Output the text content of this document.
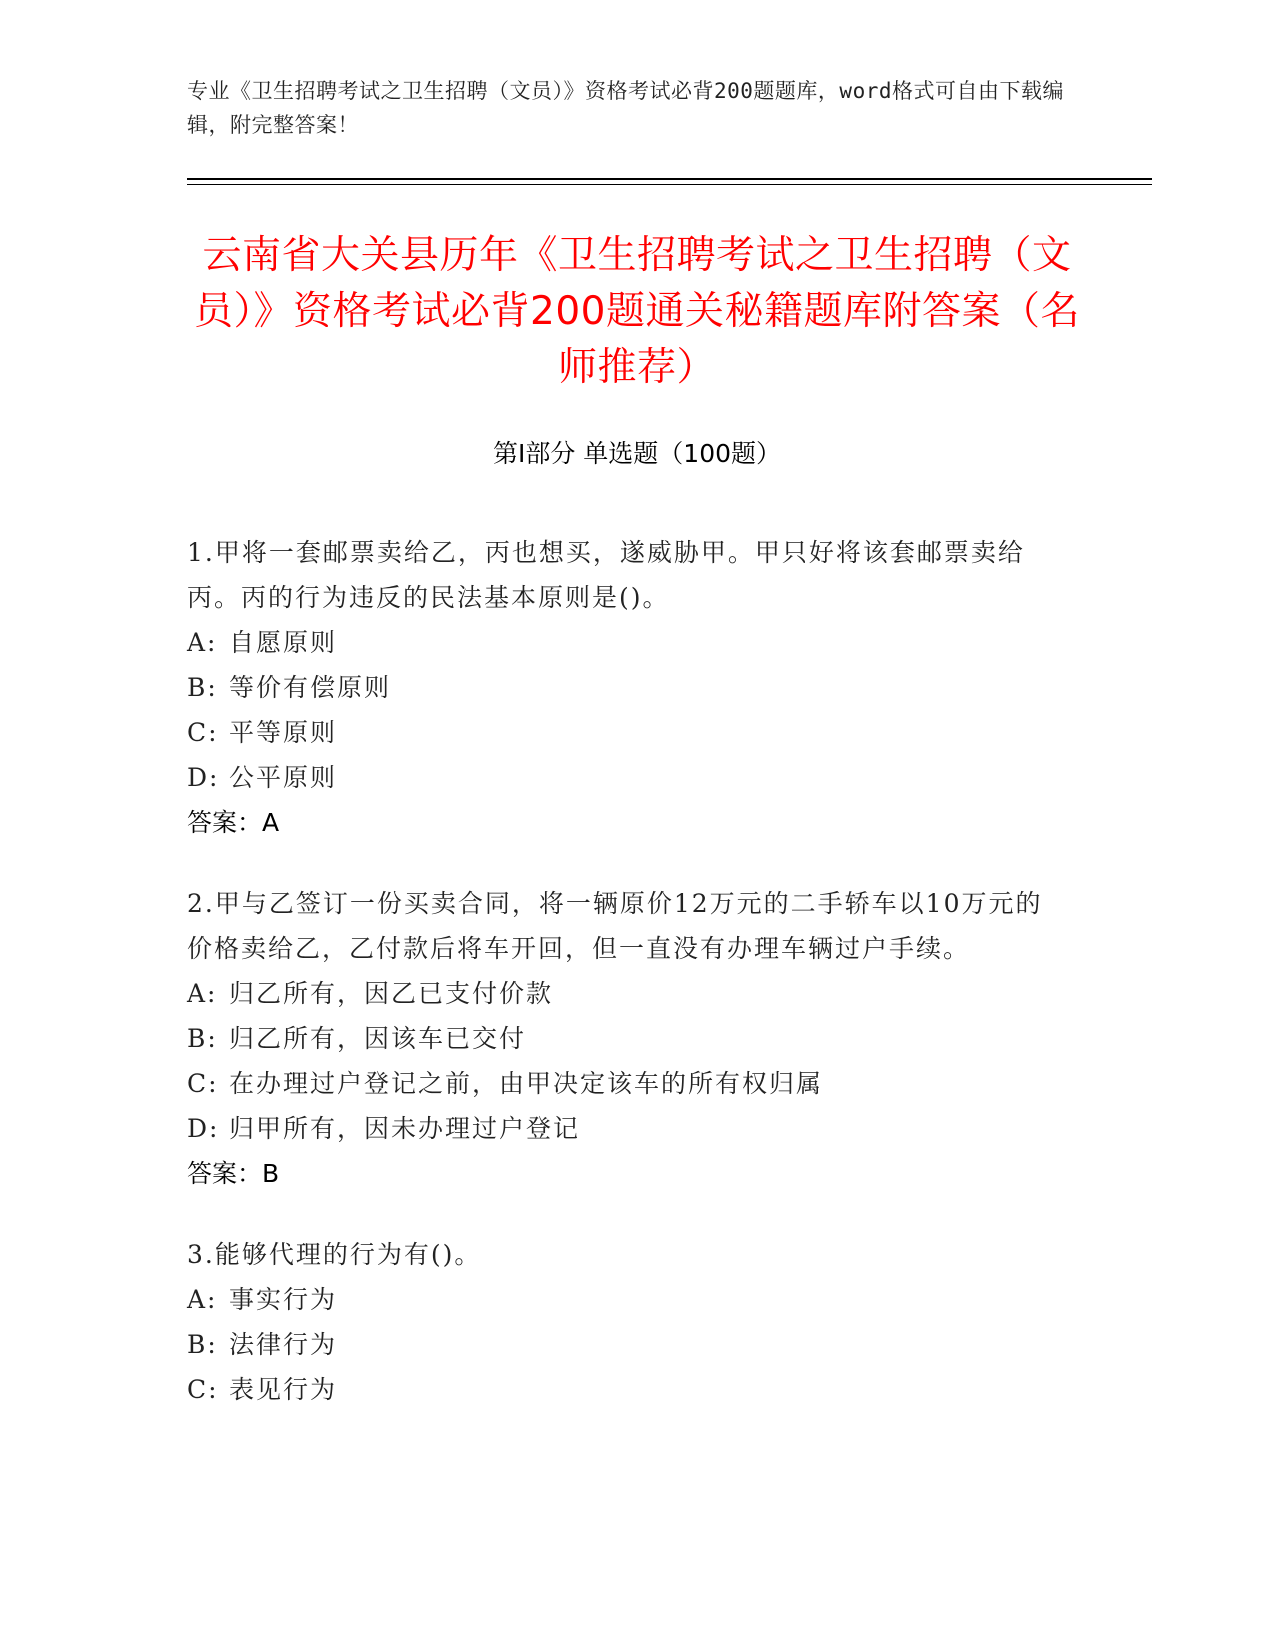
专业《卫生招聘考试之卫生招聘（文员）》资格考试必背200题题库，word格式可自由下载编辑，附完整答案！
云南省大关县历年《卫生招聘考试之卫生招聘（文员）》资格考试必背200题通关秘籍题库附答案（名师推荐）
第I部分 单选题（100题）

1.甲将一套邮票卖给乙，丙也想买，遂威胁甲。甲只好将该套邮票卖给丙。丙的行为违反的民法基本原则是()。

A: 自愿原则

B: 等价有偿原则

C: 平等原则

D: 公平原则

答案：A

2.甲与乙签订一份买卖合同，将一辆原价12万元的二手轿车以10万元的价格卖给乙，乙付款后将车开回，但一直没有办理车辆过户手续。

A: 归乙所有，因乙已支付价款

B: 归乙所有，因该车已交付

C: 在办理过户登记之前，由甲决定该车的所有权归属

D: 归甲所有，因未办理过户登记

答案：B

3.能够代理的行为有()。

A: 事实行为

B: 法律行为

C: 表见行为
